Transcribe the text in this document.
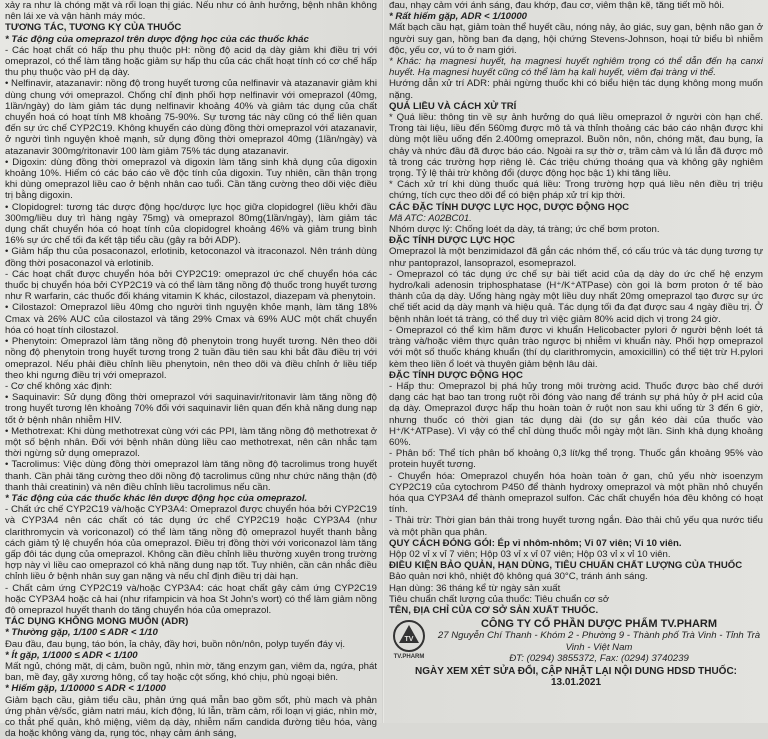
xảy ra như là chóng mặt và rối loạn thị giác. Nếu như có ảnh hưởng, bệnh nhân không nên lái xe và vận hành máy móc.

TƯƠNG TÁC, TƯƠNG KỴ CỦA THUỐC

* Tác động của omeprazol trên dược động học của các thuốc khác

- Các hoạt chất có hấp thu phụ thuộc pH: nồng độ acid dạ dày giảm khi điều trị với omeprazol, có thể làm tăng hoặc giảm sự hấp thu của các chất hoạt tính có cơ chế hấp thu phụ thuộc vào pH dạ dày.

• Nelfinavir, atazanavir: nồng độ trong huyết tương của nelfinavir và atazanavir giảm khi dùng chung với omeprazol. Chống chỉ định phối hợp nelfinavir với omeprazol (40mg, 1lần/ngày) do làm giảm tác dụng nelfinavir khoảng 40% và giảm tác dụng của chất chuyển hoá có hoạt tính M8 khoảng 75-90%. Sự tương tác này cũng có thể liên quan đến sự ức chế CYP2C19. Không khuyến cáo dùng đồng thời omeprazol với atazanavir, ở người tình nguyện khoẻ mạnh, sử dụng đồng thời omeprazol 40mg (1lần/ngày) và atazanavir 300mg/ritonavir 100 làm giảm 75% tác dụng atazanavir.

• Digoxin: dùng đồng thời omeprazol và digoxin làm tăng sinh khả dụng của digoxin khoảng 10%. Hiếm có các báo cáo về độc tính của digoxin. Tuy nhiên, cần thận trọng khi dùng omeprazol liều cao ở bệnh nhân cao tuổi. Cần tăng cường theo dõi việc điều trị bằng digoxin.

• Clopidogrel: tương tác dược động học/dược lực học giữa clopidogrel (liều khởi đầu 300mg/liều duy trì hàng ngày 75mg) và omeprazol 80mg(1lần/ngày), làm giảm tác dụng chất chuyển hóa có hoạt tính của clopidogrel khoảng 46% và giảm trung bình 16% sự ức chế tối đa kết tập tiểu cầu (gây ra bởi ADP).

• Giảm hấp thu của posaconazol, erlotinib, ketoconazol và itraconazol. Nên tránh dùng đồng thời posaconazol và erlotinib.

- Các hoạt chất được chuyển hóa bởi CYP2C19: omeprazol ức chế chuyển hóa các thuốc bị chuyển hóa bởi CYP2C19 và có thể làm tăng nồng độ thuốc trong huyết tương như R warfarin, các thuốc đối kháng vitamin K khác, cilostazol, diazepam và phenytoin.

• Cilostazol: Omeprazol liều 40mg cho người tình nguyện khỏe mạnh, làm tăng 18% Cmax và 26% AUC của cilostazol và tăng 29% Cmax và 69% AUC một chất chuyển hóa có hoạt tính cilostazol.

• Phenytoin: Omeprazol làm tăng nồng độ phenytoin trong huyết tương. Nên theo dõi nồng độ phenytoin trong huyết tương trong 2 tuần đầu tiên sau khi bắt đầu điều trị với omeprazol. Nếu phải điều chỉnh liều phenytoin, nên theo dõi và điều chỉnh ở liều tiếp theo khi ngưng điều trị với omeprazol.

- Cơ chế không xác định:

• Saquinavir: Sử dụng đồng thời omeprazol với saquinavir/ritonavir làm tăng nồng độ trong huyết tương lên khoảng 70% đối với saquinavir liên quan đến khả năng dung nạp tốt ở bệnh nhân nhiễm HIV.

• Methotrexat: Khi dùng methotrexat cùng với các PPI, làm tăng nồng độ methotrexat ở một số bệnh nhân. Đối với bệnh nhân dùng liều cao methotrexat, nên cân nhắc tạm thời ngừng sử dụng omeprazol.

• Tacrolimus: Việc dùng đồng thời omeprazol làm tăng nồng độ tacrolimus trong huyết thanh. Cần phải tăng cường theo dõi nồng độ tacrolimus cũng như chức năng thận (độ thanh thải creatinin) và nên điều chỉnh liều tacrolimus nếu cần.

* Tác động của các thuốc khác lên dược động học của omeprazol.

- Chất ức chế CYP2C19 và/hoặc CYP3A4: Omeprazol được chuyển hóa bởi CYP2C19 và CYP3A4 nên các chất có tác dụng ức chế CYP2C19 hoặc CYP3A4 (như clarithromycin và voriconazol) có thể làm tăng nồng độ omeprazol huyết thanh bằng cách giảm tỷ lệ chuyển hóa của omeprazol. Điều trị đồng thời với voriconazol làm tăng gấp đôi tác dụng của omeprazol. Không cần điều chỉnh liều thường xuyên trong trường hợp này vì liều cao omeprazol có khả năng dung nạp tốt. Tuy nhiên, cần cân nhắc điều chỉnh liều ở bệnh nhân suy gan nặng và nếu chỉ định điều trị dài hạn.

- Chất cảm ứng CYP2C19 và/hoặc CYP3A4: các hoạt chất gây cảm ứng CYP2C19 hoặc CYP3A4 hoặc cả hai (như rifampicin và hoa St John's wort) có thể làm giảm nồng độ omeprazol huyết thanh do tăng chuyển hóa của omeprazol.

TÁC DỤNG KHÔNG MONG MUỐN (ADR)

* Thường gặp, 1/100 ≤ ADR < 1/10

Đau đầu, đau bụng, táo bón, ỉa chảy, đầy hơi, buồn nôn/nôn, polyp tuyến đáy vị.

* Ít gặp, 1/1000 ≤ ADR < 1/100

Mất ngủ, chóng mặt, dị cảm, buồn ngủ, nhìn mờ, tăng enzym gan, viêm da, ngứa, phát ban, mề đay, gãy xương hông, cổ tay hoặc cột sống, khó chịu, phù ngoại biên.

* Hiếm gặp, 1/10000 ≤ ADR < 1/1000

Giảm bạch cầu, giảm tiểu cầu, phản ứng quá mẫn bao gồm sốt, phù mạch và phản ứng phản vệ/sốc, giảm natri máu, kích động, lú lẫn, trầm cảm, rối loạn vị giác, nhìn mờ, co thắt phế quản, khô miệng, viêm dạ dày, nhiễm nấm candida đường tiêu hóa, vàng da hoặc không vàng da, rụng tóc, nhạy cảm ánh sáng,

đau, nhạy cảm với ánh sáng, đau khớp, đau cơ, viêm thận kẽ, tăng tiết mồ hôi.

* Rất hiếm gặp, ADR < 1/10000

Mất bạch cầu hạt, giảm toàn thể huyết cầu, nóng nảy, ảo giác, suy gan, bệnh não gan ở người suy gan, hồng ban đa dạng, hội chứng Stevens-Johnson, hoại tử biểu bì nhiễm độc, yếu cơ, vú to ở nam giới.

* Khác: hạ magnesi huyết, hạ magnesi huyết nghiêm trọng có thể dẫn đến hạ canxi huyết. Hạ magnesi huyết cũng có thể làm hạ kali huyết, viêm đại tràng vi thể.

Hướng dẫn xử trí ADR: phải ngừng thuốc khi có biểu hiện tác dụng không mong muốn nặng.

QUÁ LIỀU VÀ CÁCH XỬ TRÍ

* Quá liều: thông tin về sự ảnh hưởng do quá liều omeprazol ở người còn hạn chế. Trong tài liệu, liều đến 560mg được mô tả và thỉnh thoảng các báo cáo nhận được khi dùng một liều uống đến 2.400mg omeprazol. Buồn nôn, nôn, chóng mặt, đau bụng, ỉa chảy và nhức đầu đã được báo cáo. Ngoài ra sự thờ ơ, trầm cảm và lú lẫn đã được mô tả trong các trường hợp riêng lẻ. Các triệu chứng thoáng qua và không gây nghiêm trọng. Tỷ lệ thải trừ không đổi (dược động học bậc 1) khi tăng liều.

* Cách xử trí khi dùng thuốc quá liều: Trong trường hợp quá liều nên điều trị triệu chứng, tích cực theo dõi để có biện pháp xử trí kịp thời.

CÁC ĐẶC TÍNH DƯỢC LỰC HỌC, DƯỢC ĐỘNG HỌC

Mã ATC: A02BC01.

Nhóm dược lý: Chống loét dạ dày, tá tràng; ức chế bơm proton.

ĐẶC TÍNH DƯỢC LỰC HỌC

Omeprazol là một benzimidazol đã gắn các nhóm thế, có cấu trúc và tác dụng tương tự như pantoprazol, lansoprazol, esomeprazol.

- Omeprazol có tác dụng ức chế sự bài tiết acid của dạ dày do ức chế hệ enzym hydro/kali adenosin triphosphatase (H⁺/K⁺ATPase) còn gọi là bơm proton ở tế bào thành của dạ dày. Uống hàng ngày một liều duy nhất 20mg omeprazol tạo được sự ức chế tiết acid dạ dày mạnh và hiệu quả. Tác dụng tối đa đạt được sau 4 ngày điều trị. Ở bệnh nhân loét tá tràng, có thể duy trì việc giảm 80% acid dịch vị trong 24 giờ.

- Omeprazol có thể kìm hãm được vi khuẩn Helicobacter pylori ở người bệnh loét tá tràng và/hoặc viêm thực quản trào ngược bị nhiễm vi khuẩn này. Phối hợp omeprazol với một số thuốc kháng khuẩn (thí dụ clarithromycin, amoxicillin) có thể tiệt trừ H.pylori kèm theo liền ổ loét và thuyên giảm bệnh lâu dài.

ĐẶC TÍNH DƯỢC ĐỘNG HỌC

- Hấp thu: Omeprazol bị phá hủy trong môi trường acid. Thuốc được bào chế dưới dạng các hạt bao tan trong ruột rồi đóng vào nang để tránh sự phá hủy ở pH acid của dạ dày. Omeprazol được hấp thu hoàn toàn ở ruột non sau khi uống từ 3 đến 6 giờ, nhưng thuốc có thời gian tác dụng dài (do sự gắn kéo dài của thuốc vào H⁺/K⁺ATPase). Vì vậy có thể chỉ dùng thuốc mỗi ngày một lần. Sinh khả dụng khoảng 60%.

- Phân bố: Thể tích phân bố khoảng 0,3 lít/kg thể trọng. Thuốc gắn khoảng 95% vào protein huyết tương.

- Chuyển hóa: Omeprazol chuyển hóa hoàn toàn ở gan, chủ yếu nhờ isoenzym CYP2C19 của cytochrom P450 để thành hydroxy omeprazol và một phần nhỏ chuyển hóa qua CYP3A4 để thành omeprazol sulfon. Các chất chuyển hóa đều không có hoạt tính.

- Thải trừ: Thời gian bán thải trong huyết tương ngắn. Đào thải chủ yếu qua nước tiểu và một phần qua phân.

QUY CÁCH ĐÓNG GÓI: Ép vỉ nhôm-nhôm; Vỉ 07 viên; Vỉ 10 viên.

Hộp 02 vỉ x vỉ 7 viên; Hộp 03 vỉ x vỉ 07 viên; Hộp 03 vỉ x vỉ 10 viên.

ĐIỀU KIỆN BẢO QUẢN, HẠN DÙNG, TIÊU CHUẨN CHẤT LƯỢNG CỦA THUỐC

Bảo quản nơi khô, nhiệt độ không quá 30°C, tránh ánh sáng.

Hạn dùng: 36 tháng kể từ ngày sản xuất

Tiêu chuẩn chất lượng của thuốc: Tiêu chuẩn cơ sở

TÊN, ĐỊA CHỈ CỦA CƠ SỞ SẢN XUẤT THUỐC.

TV
TV.PHARM
CÔNG TY CỔ PHẦN DƯỢC PHẨM TV.PHARM
27 Nguyễn Chí Thanh - Khóm 2 - Phường 9 - Thành phố Trà Vinh - Tỉnh Trà Vinh - Việt Nam
ĐT: (0294) 3855372, Fax: (0294) 3740239
NGÀY XEM XÉT SỬA ĐỔI, CẬP NHẬT LẠI NỘI DUNG HDSD THUỐC: 13.01.2021
